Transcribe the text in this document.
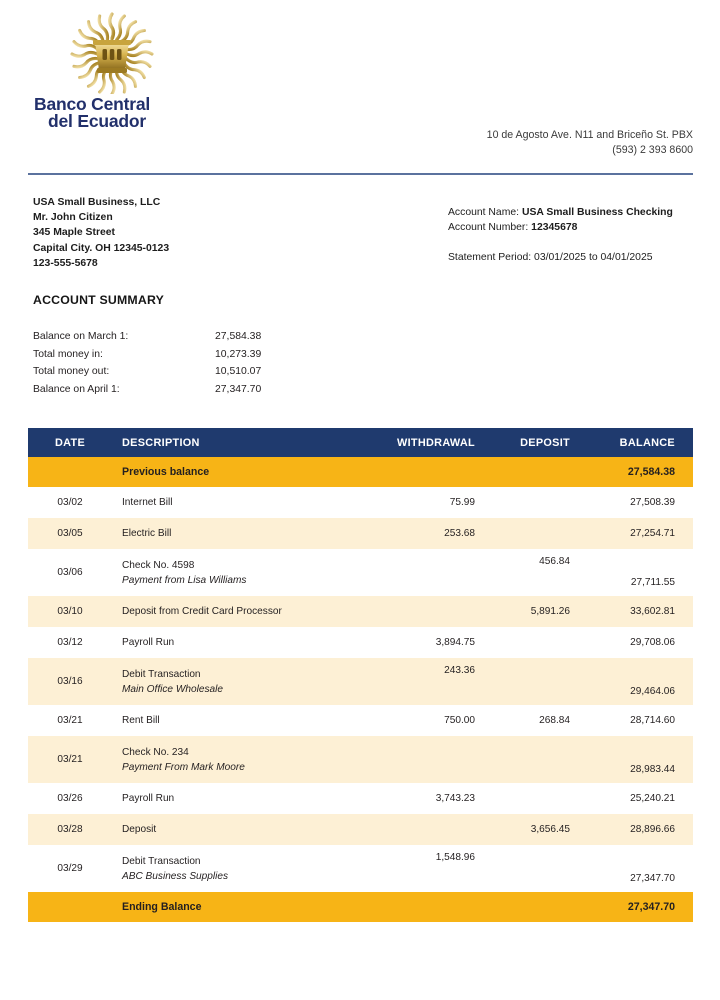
Banco Central
del Ecuador
10 de Agosto Ave. N11 and Briceño St. PBX
(593) 2 393 8600
USA Small Business, LLC
Mr. John Citizen
345 Maple Street
Capital City. OH 12345-0123
123-555-5678
Account Name: USA Small Business Checking
Account Number: 12345678
Statement Period: 03/01/2025 to 04/01/2025
ACCOUNT SUMMARY
Balance on March 1:	27,584.38
Total money in:	10,273.39
Total money out:	10,510.07
Balance on April 1:	27,347.70
DATE	DESCRIPTION	WITHDRAWAL	DEPOSIT	BALANCE
	Previous balance			27,584.38
03/02	Internet Bill	75.99		27,508.39
03/05	Electric Bill	253.68		27,254.71
03/06	Check No. 4598
Payment from Lisa Williams		456.84	27,711.55
03/10	Deposit from Credit Card Processor		5,891.26	33,602.81
03/12	Payroll Run	3,894.75		29,708.06
03/16	Debit Transaction
Main Office Wholesale	243.36		29,464.06
03/21	Rent Bill	750.00	268.84	28,714.60
03/21	Check No. 234
Payment From Mark Moore			28,983.44
03/26	Payroll Run	3,743.23		25,240.21
03/28	Deposit		3,656.45	28,896.66
03/29	Debit Transaction
ABC Business Supplies	1,548.96		27,347.70
	Ending Balance			27,347.70
